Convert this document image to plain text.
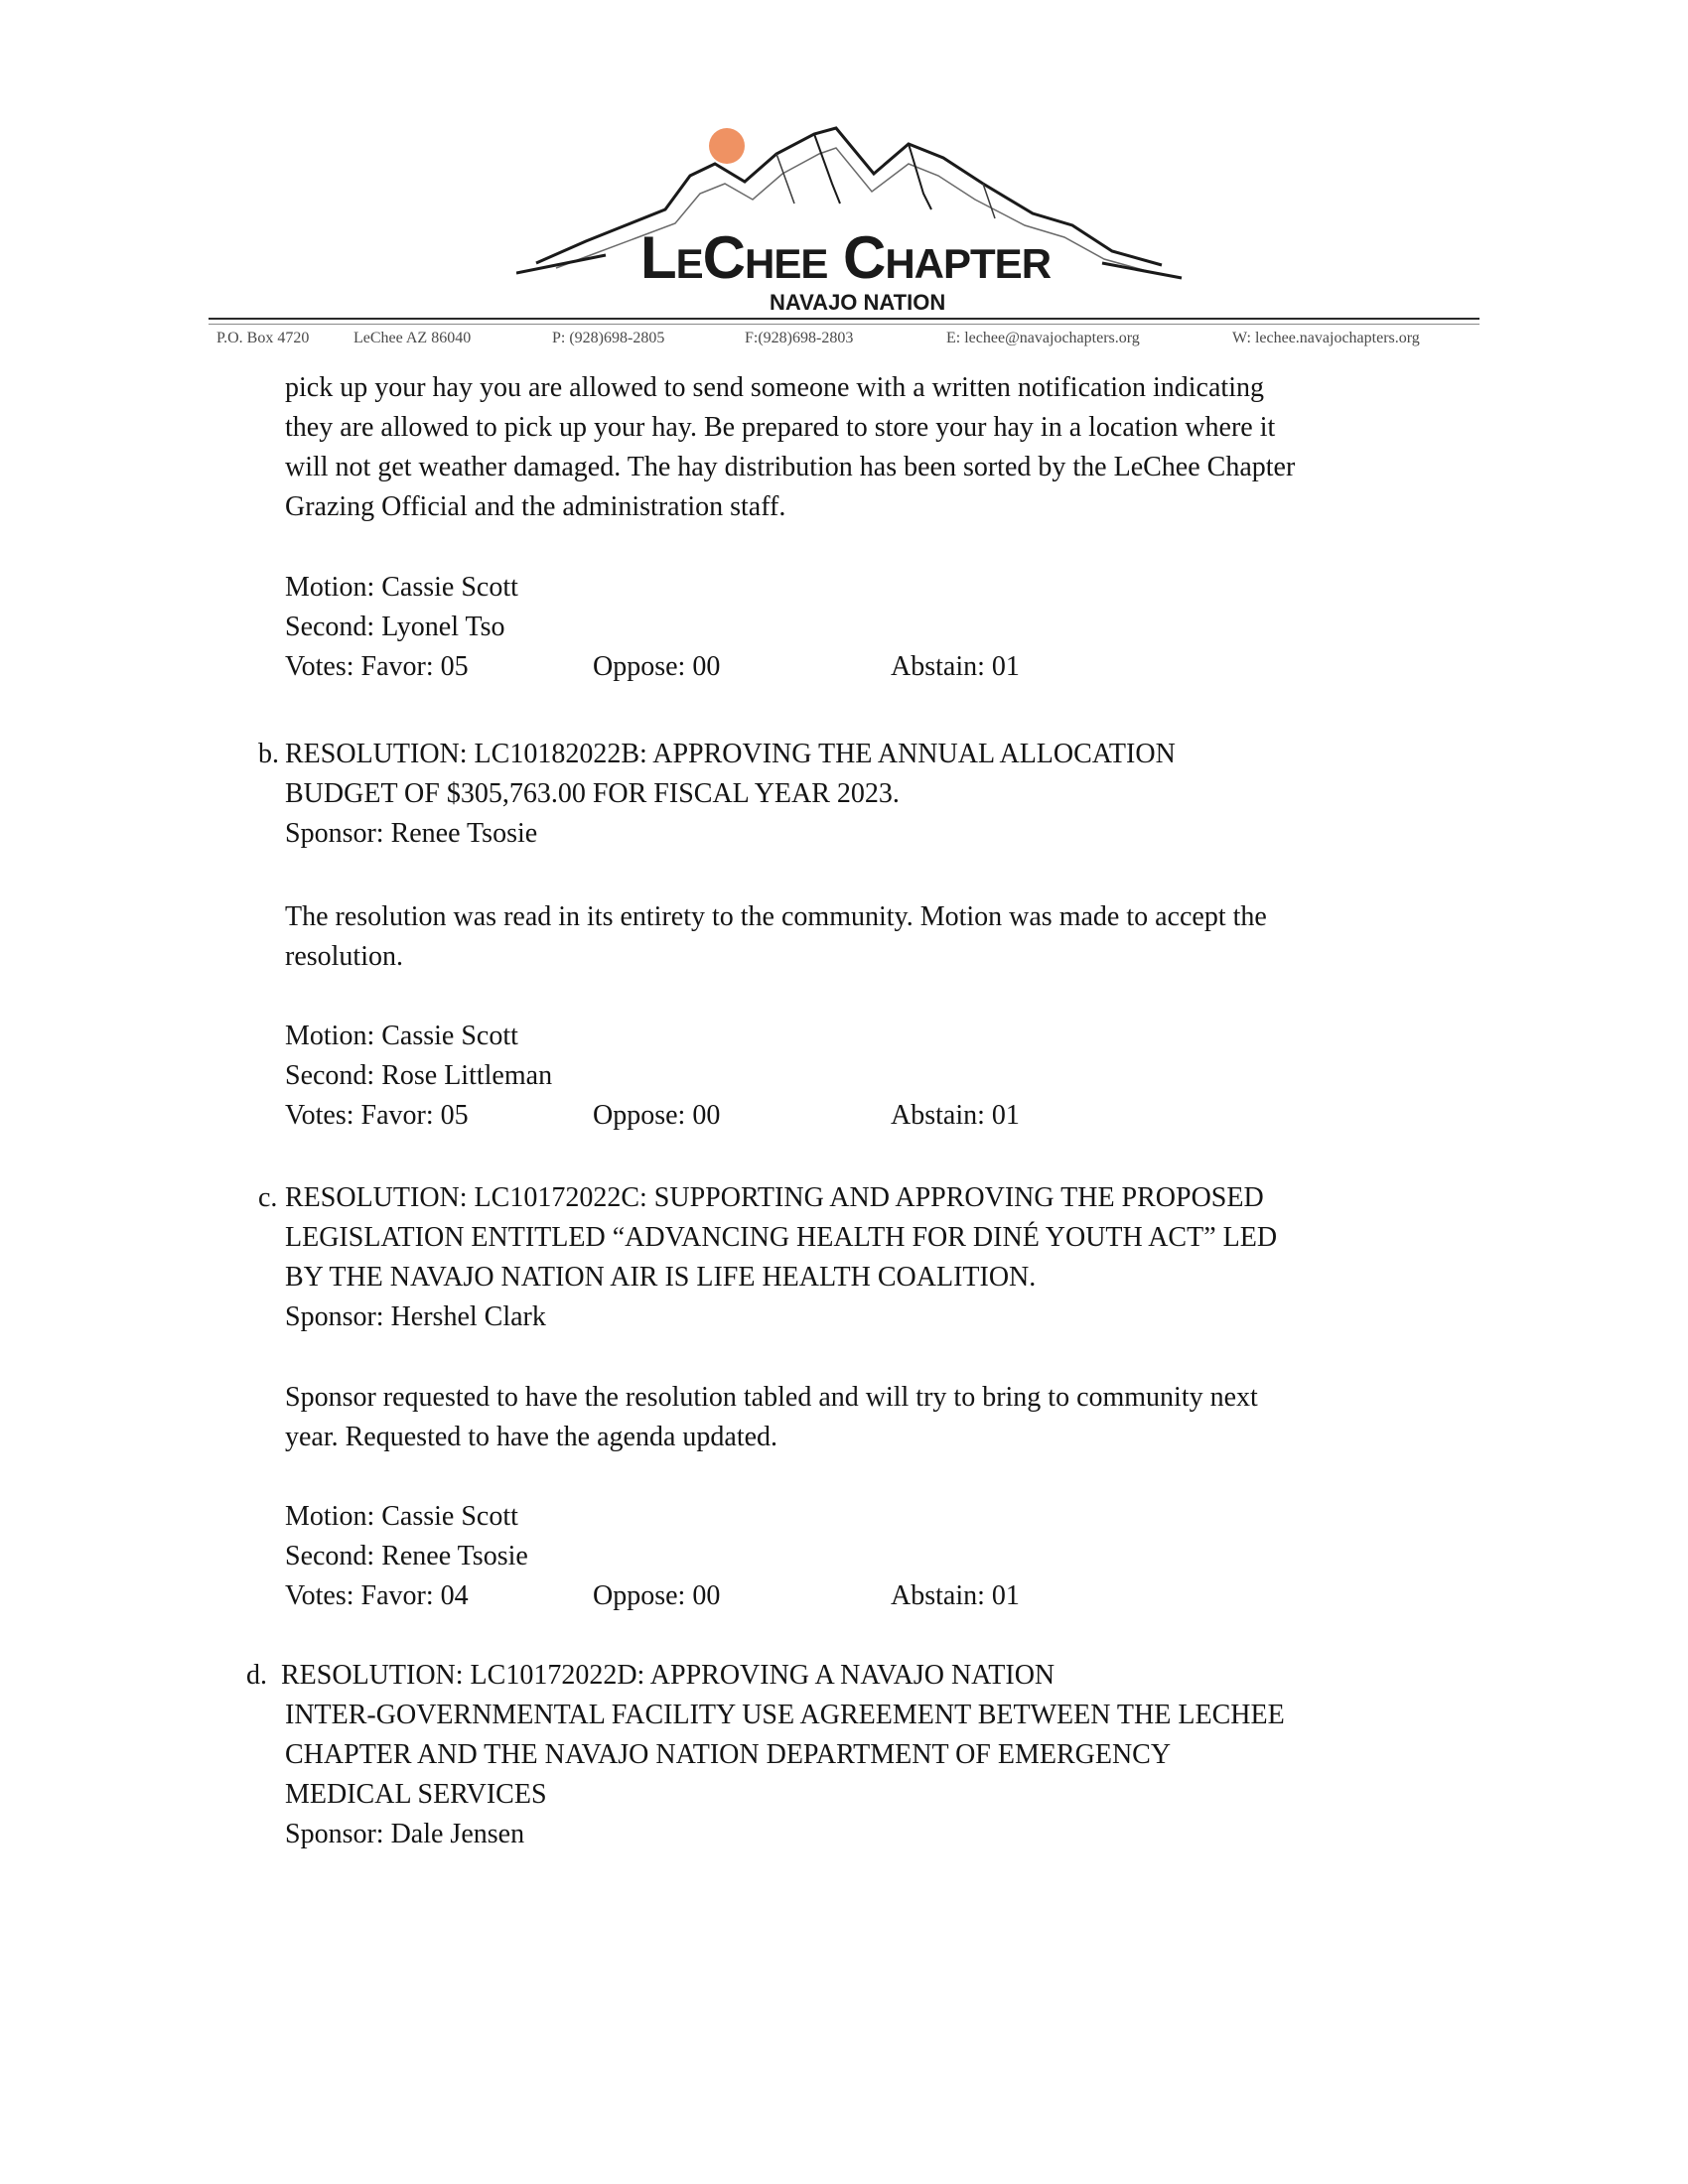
LeChee Chapter
NAVAJO NATION
P.O. Box 4720	LeChee AZ 86040	P: (928)698-2805	F:(928)698-2803	E: lechee@navajochapters.org	W: lechee.navajochapters.org
pick up your hay you are allowed to send someone with a written notification indicating
they are allowed to pick up your hay. Be prepared to store your hay in a location where it
will not get weather damaged. The hay distribution has been sorted by the LeChee Chapter
Grazing Official and the administration staff.
Motion: Cassie Scott
Second: Lyonel Tso
Votes: Favor: 05	Oppose: 00	Abstain: 01
b. RESOLUTION: LC10182022B: APPROVING THE ANNUAL ALLOCATION
BUDGET OF $305,763.00 FOR FISCAL YEAR 2023.
Sponsor: Renee Tsosie
The resolution was read in its entirety to the community. Motion was made to accept the
resolution.
Motion: Cassie Scott
Second: Rose Littleman
Votes: Favor: 05	Oppose: 00	Abstain: 01
c. RESOLUTION: LC10172022C: SUPPORTING AND APPROVING THE PROPOSED
LEGISLATION ENTITLED “ADVANCING HEALTH FOR DINÉ YOUTH ACT” LED
BY THE NAVAJO NATION AIR IS LIFE HEALTH COALITION.
Sponsor: Hershel Clark
Sponsor requested to have the resolution tabled and will try to bring to community next
year. Requested to have the agenda updated.
Motion: Cassie Scott
Second: Renee Tsosie
Votes: Favor: 04	Oppose: 00	Abstain: 01
d. RESOLUTION: LC10172022D: APPROVING A NAVAJO NATION
INTER-GOVERNMENTAL FACILITY USE AGREEMENT BETWEEN THE LECHEE
CHAPTER AND THE NAVAJO NATION DEPARTMENT OF EMERGENCY
MEDICAL SERVICES
Sponsor: Dale Jensen
